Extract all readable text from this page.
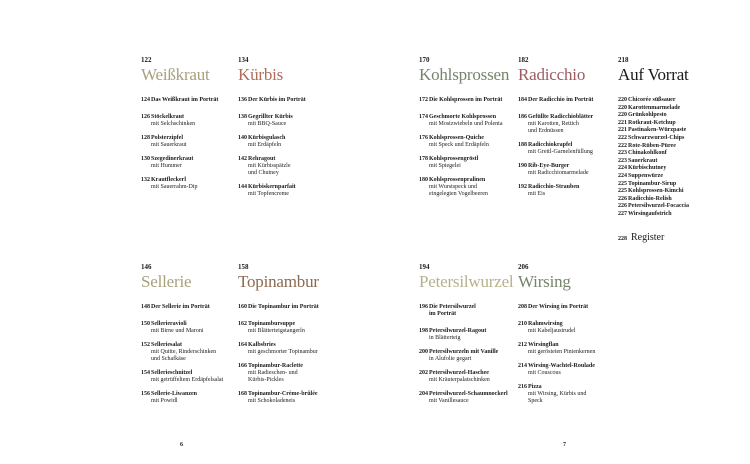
122
Weißkraut
124 Das Weißkraut im Porträt
126 Stöckelkraut
mit Selchschinken
128 Polsterzipfel
mit Sauerkraut
130 Szegedinerkraut
mit Hummer
132 Krautfleckerl
mit Sauerrahm-Dip
134
Kürbis
136 Der Kürbis im Porträt
138 Gegrillter Kürbis
mit BBQ-Sauce
140 Kürbisgulasch
mit Erdäpfeln
142 Rehragout
mit Kürbisspätzle
und Chutney
144 Kürbiskernparfait
mit Topfencreme
170
Kohlsprossen
172 Die Kohlsprossen im Porträt
174 Geschmorte Kohlsprossen
mit Mostzwiebeln und Polenta
176 Kohlsprossen-Quiche
mit Speck und Erdäpfeln
178 Kohlsprossengröstl
mit Spiegelei
180 Kohlsprossenpralinen
mit Wurstspeck und
eingelegten Vogelbeeren
182
Radicchio
184 Der Radicchio im Porträt
186 Gefüllte Radicchioblätter
mit Karotten, Rettich
und Erdnüssen
188 Radicchiokrapfel
mit Grettl-Garnelenfüllung
190 Rib-Eye-Burger
mit Radicchiomarmelade
192 Radicchio-Strauben
mit Eis
218
Auf Vorrat
220 Chicorée süßsauer
220 Karottenmarmelade
220 Grünkohlpesto
221 Rotkraut-Ketchup
221 Pastinaken-Würzpaste
222 Schwarzwurzel-Chips
222 Rote-Rüben-Püree
223 Chinakohlkonf
223 Sauerkraut
224 Kürbischutney
224 Suppenwürze
225 Topinambur-Sirup
225 Kohlsprossen-Kimchi
226 Radicchio-Relish
226 Petersilwurzel-Focaccia
227 Wirsingaufstrich
228 Register
146
Sellerie
148 Der Sellerie im Porträt
150 Sellerieravioli
mit Birne und Maroni
152 Selleriesalat
mit Quitte, Rinderschinken
und Schafkäse
154 Sellerieschnitzel
mit getrüffeltem Erdäpfelsalat
156 Sellerie-Liwanzen
mit Powidl
158
Topinambur
160 Die Topinambur im Porträt
162 Topinambursuppe
mit Blätterteigstangerln
164 Kalbsbries
mit geschmorter Topinambur
166 Topinambur-Raclette
mit Radieschen- und
Kürbis-Pickles
168 Topinambur-Crème-brûlée
mit Schokoladeneis
194
Petersilwurzel
196 Die Petersilwurzel
im Porträt
198 Petersilwurzel-Ragout
in Blätterteig
200 Petersilwurzeln mit Vanille
in Alufolie gegart
202 Petersilwurzel-Haschee
mit Kräuterpalatschinken
204 Petersilwurzel-Schaumnockerl
mit Vanillesauce
206
Wirsing
208 Der Wirsing im Porträt
210 Rahmwirsing
mit Kabeljaustrudel
212 Wirsingflan
mit gerösteten Pinienkernen
214 Wirsing-Wachtel-Roulade
mit Couscous
216 Pizza
mit Wirsing, Kürbis und
Speck
6	7
